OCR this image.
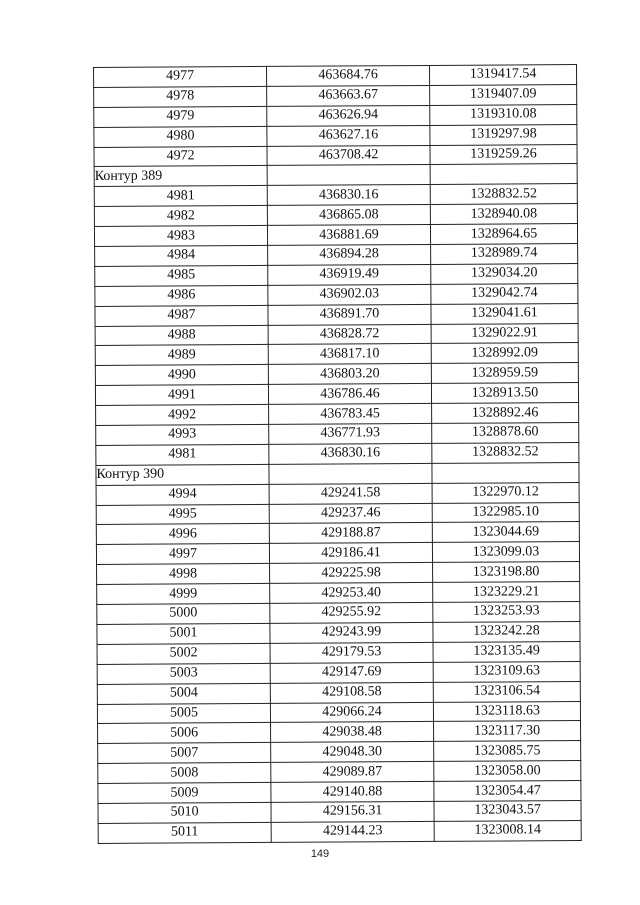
4977	463684.76	1319417.54
4978	463663.67	1319407.09
4979	463626.94	1319310.08
4980	463627.16	1319297.98
4972	463708.42	1319259.26
Контур 389		
4981	436830.16	1328832.52
4982	436865.08	1328940.08
4983	436881.69	1328964.65
4984	436894.28	1328989.74
4985	436919.49	1329034.20
4986	436902.03	1329042.74
4987	436891.70	1329041.61
4988	436828.72	1329022.91
4989	436817.10	1328992.09
4990	436803.20	1328959.59
4991	436786.46	1328913.50
4992	436783.45	1328892.46
4993	436771.93	1328878.60
4981	436830.16	1328832.52
Контур 390		
4994	429241.58	1322970.12
4995	429237.46	1322985.10
4996	429188.87	1323044.69
4997	429186.41	1323099.03
4998	429225.98	1323198.80
4999	429253.40	1323229.21
5000	429255.92	1323253.93
5001	429243.99	1323242.28
5002	429179.53	1323135.49
5003	429147.69	1323109.63
5004	429108.58	1323106.54
5005	429066.24	1323118.63
5006	429038.48	1323117.30
5007	429048.30	1323085.75
5008	429089.87	1323058.00
5009	429140.88	1323054.47
5010	429156.31	1323043.57
5011	429144.23	1323008.14
149
